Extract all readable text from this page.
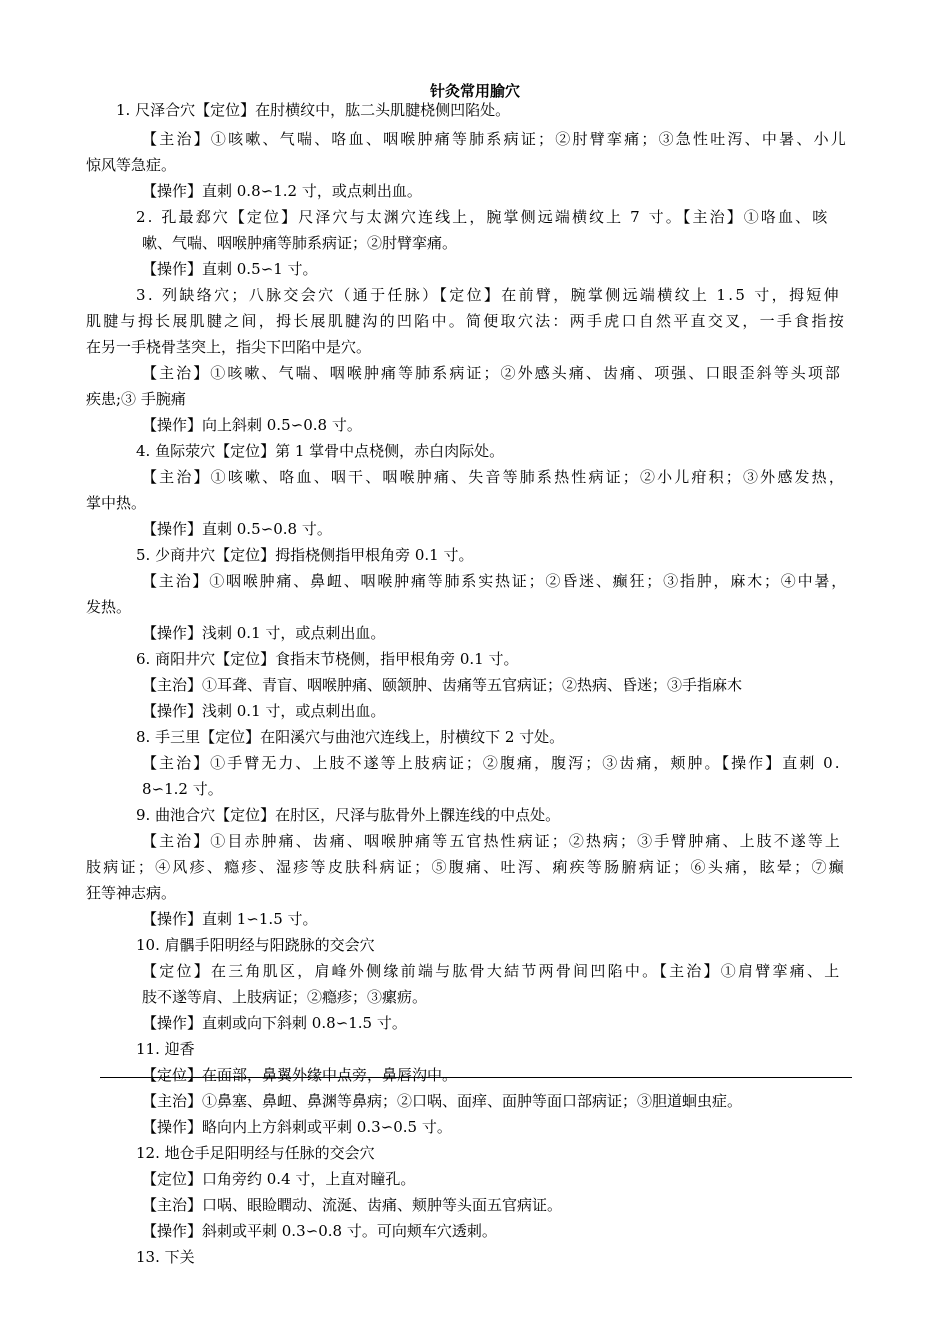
针灸常用腧穴
1. 尺泽合穴【定位】在肘横纹中，肱二头肌腱桡侧凹陷处。
【主治】①咳嗽、气喘、咯血、咽喉肿痛等肺系病证；②肘臂挛痛；③急性吐泻、中暑、小儿
惊风等急症。
【操作】直刺 0.8∽1.2 寸，或点刺出血。
2. 孔最郄穴【定位】尺泽穴与太渊穴连线上，腕掌侧远端横纹上 7 寸。【主治】①咯血、咳
嗽、气喘、咽喉肿痛等肺系病证；②肘臂挛痛。
【操作】直刺 0.5∽1 寸。
3. 列缺络穴；八脉交会穴（通于任脉）【定位】在前臂，腕掌侧远端横纹上 1.5 寸，拇短伸
肌腱与拇长展肌腱之间，拇长展肌腱沟的凹陷中。简便取穴法：两手虎口自然平直交叉，一手食指按
在另一手桡骨茎突上，指尖下凹陷中是穴。
【主治】①咳嗽、气喘、咽喉肿痛等肺系病证；②外感头痛、齿痛、项强、口眼歪斜等头项部
疾患;③ 手腕痛
【操作】向上斜刺 0.5∽0.8 寸。
4. 鱼际荥穴【定位】第 1 掌骨中点桡侧，赤白肉际处。
【主治】①咳嗽、咯血、咽干、咽喉肿痛、失音等肺系热性病证；②小儿疳积；③外感发热，
掌中热。
【操作】直刺 0.5∽0.8 寸。
5. 少商井穴【定位】拇指桡侧指甲根角旁 0.1 寸。
【主治】①咽喉肿痛、鼻衄、咽喉肿痛等肺系实热证；②昏迷、癫狂；③指肿，麻木；④中暑，
发热。
【操作】浅刺 0.1 寸，或点刺出血。
6. 商阳井穴【定位】食指末节桡侧，指甲根角旁 0.1 寸。
【主治】①耳聋、青盲、咽喉肿痛、颐颔肿、齿痛等五官病证；②热病、昏迷；③手指麻木
【操作】浅刺 0.1 寸，或点刺出血。
8. 手三里【定位】在阳溪穴与曲池穴连线上，肘横纹下 2 寸处。
【主治】①手臂无力、上肢不遂等上肢病证；②腹痛，腹泻；③齿痛，颊肿。【操作】直刺 0.
8∽1.2 寸。
9. 曲池合穴【定位】在肘区，尺泽与肱骨外上髁连线的中点处。
【主治】①目赤肿痛、齿痛、咽喉肿痛等五官热性病证；②热病；③手臂肿痛、上肢不遂等上
肢病证；④风疹、瘾疹、湿疹等皮肤科病证；⑤腹痛、吐泻、痢疾等肠腑病证；⑥头痛，眩晕；⑦癫
狂等神志病。
【操作】直刺 1∽1.5 寸。
10. 肩髃手阳明经与阳跷脉的交会穴
【定位】在三角肌区，肩峰外侧缘前端与肱骨大結节两骨间凹陷中。【主治】①肩臂挛痛、上
肢不遂等肩、上肢病证；②瘾疹；③瘰疬。
【操作】直刺或向下斜刺 0.8∽1.5 寸。
11. 迎香
【定位】在面部，鼻翼外缘中点旁，鼻唇沟中。
【主治】①鼻塞、鼻衄、鼻渊等鼻病；②口㖞、面痒、面肿等面口部病证；③胆道蛔虫症。
【操作】略向内上方斜刺或平刺 0.3∽0.5 寸。
12. 地仓手足阳明经与任脉的交会穴
【定位】口角旁约 0.4 寸，上直对瞳孔。
【主治】口㖞、眼睑瞤动、流涎、齿痛、颊肿等头面五官病证。
【操作】斜刺或平刺 0.3∽0.8 寸。可向颊车穴透刺。
13. 下关
